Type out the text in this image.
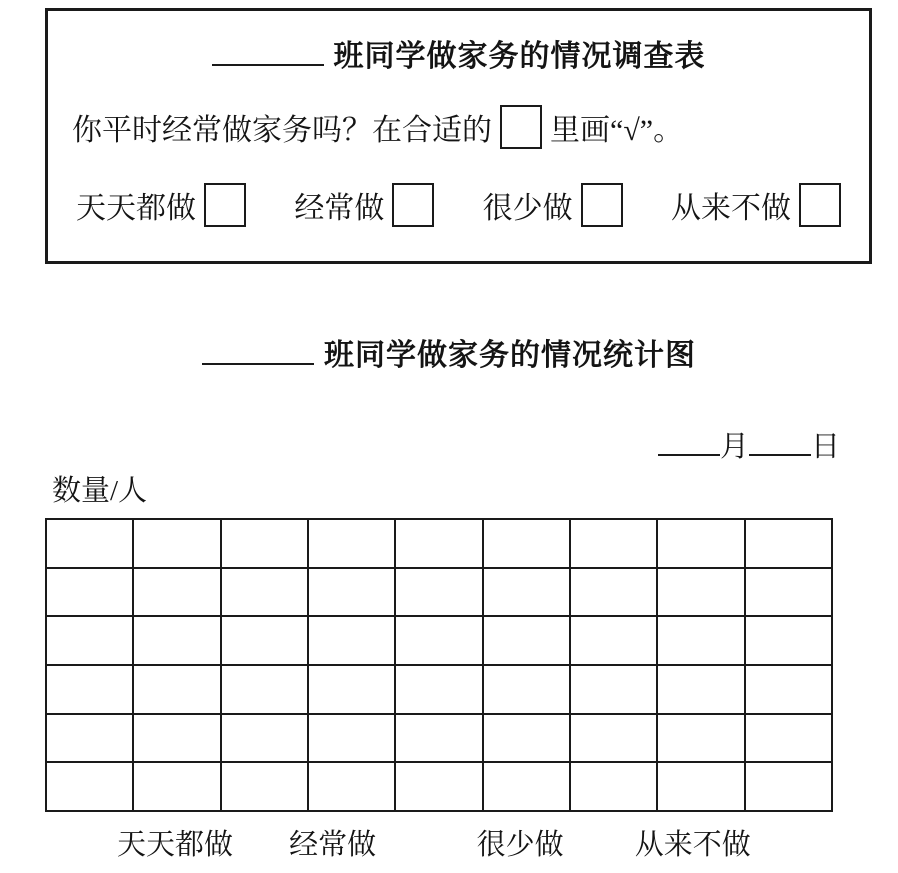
班同学做家务的情况调查表
你平时经常做家务吗？在合适的 里画“√”。
天天都做	经常做	很少做	从来不做
班同学做家务的情况统计图
月 日
数量/人
天天都做 经常做	很少做 从来不做
